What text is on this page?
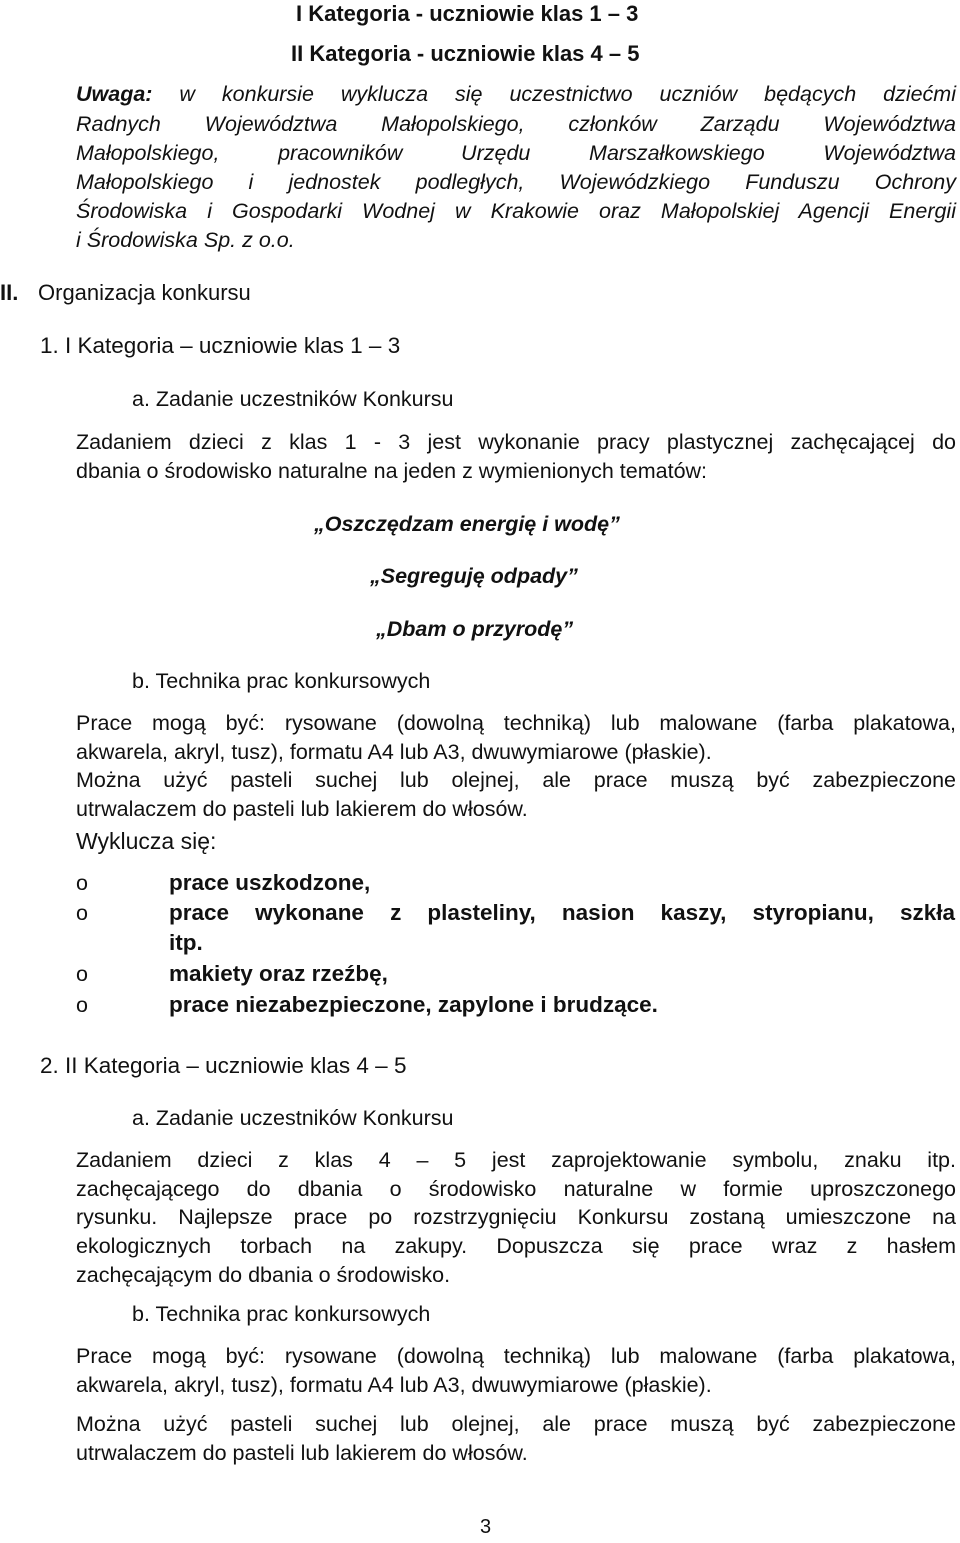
I Kategoria - uczniowie klas 1 – 3
II Kategoria - uczniowie klas 4 – 5
Uwaga: w konkursie wyklucza się uczestnictwo uczniów będących dziećmi
Radnych Województwa Małopolskiego, członków Zarządu Województwa
Małopolskiego, pracowników Urzędu Marszałkowskiego Województwa
Małopolskiego i jednostek podległych, Wojewódzkiego Funduszu Ochrony
Środowiska i Gospodarki Wodnej w Krakowie oraz Małopolskiej Agencji Energii
i Środowiska Sp. z o.o.
II. Organizacja konkursu
1. I Kategoria – uczniowie klas 1 – 3
a. Zadanie uczestników Konkursu
Zadaniem dzieci z klas 1 - 3 jest wykonanie pracy plastycznej zachęcającej do
dbania o środowisko naturalne na jeden z wymienionych tematów:
„Oszczędzam energię i wodę”
„Segreguję odpady”
„Dbam o przyrodę”
b. Technika prac konkursowych
Prace mogą być: rysowane (dowolną techniką) lub malowane (farba plakatowa,
akwarela, akryl, tusz), formatu A4 lub A3, dwuwymiarowe (płaskie).
Można użyć pasteli suchej lub olejnej, ale prace muszą być zabezpieczone
utrwalaczem do pasteli lub lakierem do włosów.
Wyklucza się:
o	prace uszkodzone,
o	prace wykonane z plasteliny, nasion kaszy, styropianu, szkła
itp.
o	makiety oraz rzeźbę,
o	prace niezabezpieczone, zapylone i brudzące.
2. II Kategoria – uczniowie klas 4 – 5
a. Zadanie uczestników Konkursu
Zadaniem dzieci z klas 4 – 5 jest zaprojektowanie symbolu, znaku itp.
zachęcającego do dbania o środowisko naturalne w formie uproszczonego
rysunku. Najlepsze prace po rozstrzygnięciu Konkursu zostaną umieszczone na
ekologicznych torbach na zakupy. Dopuszcza się prace wraz z hasłem
zachęcającym do dbania o środowisko.
b. Technika prac konkursowych
Prace mogą być: rysowane (dowolną techniką) lub malowane (farba plakatowa,
akwarela, akryl, tusz), formatu A4 lub A3, dwuwymiarowe (płaskie).
Można użyć pasteli suchej lub olejnej, ale prace muszą być zabezpieczone
utrwalaczem do pasteli lub lakierem do włosów.
3
